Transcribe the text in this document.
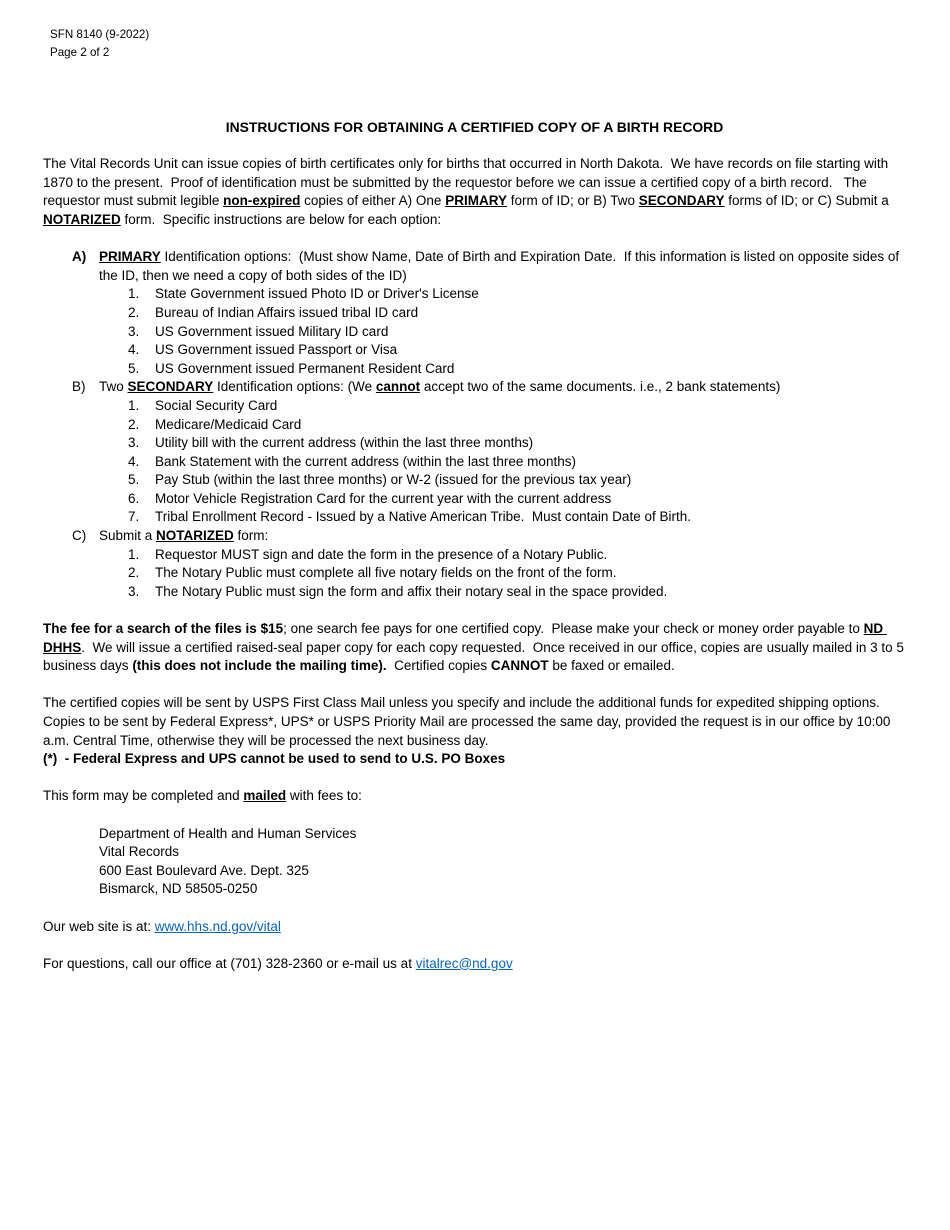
SFN 8140 (9-2022)
Page 2 of 2
INSTRUCTIONS FOR OBTAINING A CERTIFIED COPY OF A BIRTH RECORD

The Vital Records Unit can issue copies of birth certificates only for births that occurred in North Dakota.  We have records on file starting with 1870 to the present.  Proof of identification must be submitted by the requestor before we can issue a certified copy of a birth record.   The requestor must submit legible non-expired copies of either A) One PRIMARY form of ID; or B) Two SECONDARY forms of ID; or C) Submit a NOTARIZED form.  Specific instructions are below for each option:

A) PRIMARY Identification options:  (Must show Name, Date of Birth and Expiration Date.  If this information is listed on opposite sides of the ID, then we need a copy of both sides of the ID)
1.	State Government issued Photo ID or Driver's License
2.	Bureau of Indian Affairs issued tribal ID card
3.	US Government issued Military ID card
4.	US Government issued Passport or Visa
5.	US Government issued Permanent Resident Card
B)	Two SECONDARY Identification options: (We cannot accept two of the same documents. i.e., 2 bank statements)
1.	Social Security Card
2.	Medicare/Medicaid Card
3.	Utility bill with the current address (within the last three months)
4.	Bank Statement with the current address (within the last three months)
5.	Pay Stub (within the last three months) or W-2 (issued for the previous tax year)
6.	Motor Vehicle Registration Card for the current year with the current address
7.	Tribal Enrollment Record - Issued by a Native American Tribe.  Must contain Date of Birth.
C) Submit a NOTARIZED form:
1.	Requestor MUST sign and date the form in the presence of a Notary Public.
2.	The Notary Public must complete all five notary fields on the front of the form.
3.	The Notary Public must sign the form and affix their notary seal in the space provided.

The fee for a search of the files is $15; one search fee pays for one certified copy.  Please make your check or money order payable to ND DHHS.  We will issue a certified raised-seal paper copy for each copy requested.  Once received in our office, copies are usually mailed in 3 to 5 business days (this does not include the mailing time).  Certified copies CANNOT be faxed or emailed.

The certified copies will be sent by USPS First Class Mail unless you specify and include the additional funds for expedited shipping options.  Copies to be sent by Federal Express*, UPS* or USPS Priority Mail are processed the same day, provided the request is in our office by 10:00 a.m. Central Time, otherwise they will be processed the next business day.
(*)  - Federal Express and UPS cannot be used to send to U.S. PO Boxes

This form may be completed and mailed with fees to:

Department of Health and Human Services
Vital Records
600 East Boulevard Ave. Dept. 325
Bismarck, ND 58505-0250

Our web site is at: www.hhs.nd.gov/vital

For questions, call our office at (701) 328-2360 or e-mail us at vitalrec@nd.gov
